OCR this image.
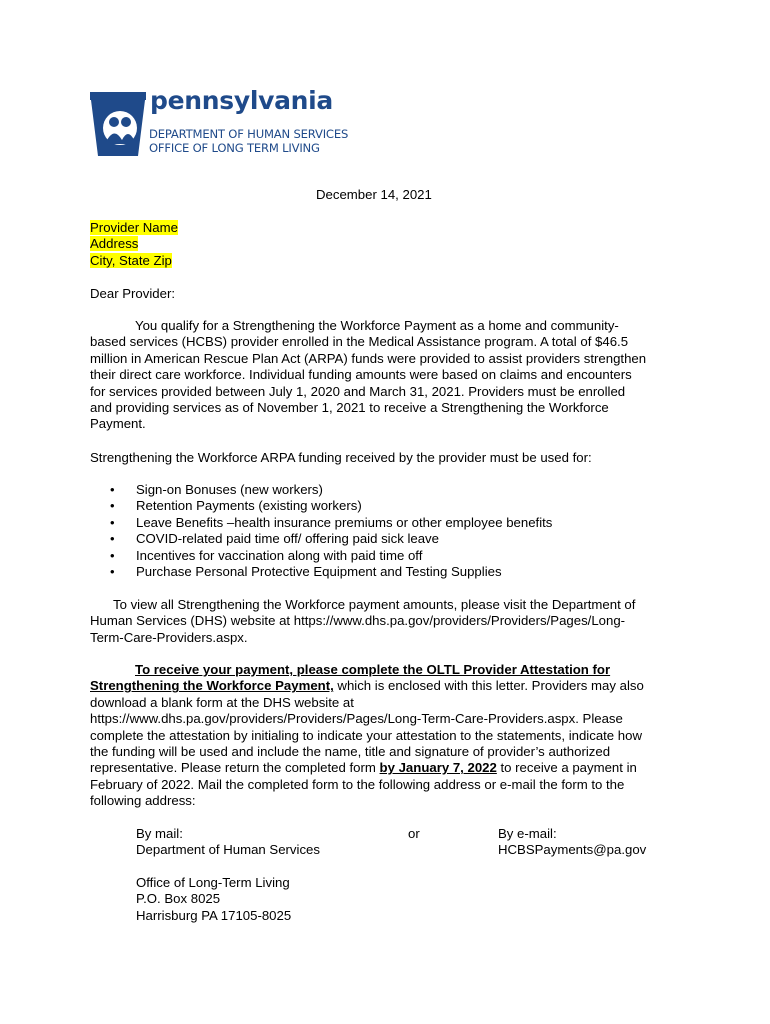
pennsylvania
DEPARTMENT OF HUMAN SERVICES
OFFICE OF LONG TERM LIVING
December 14, 2021
Provider Name
Address
City, State Zip
Dear Provider:
You qualify for a Strengthening the Workforce Payment as a home and community-
based services (HCBS) provider enrolled in the Medical Assistance program. A total of $46.5
million in American Rescue Plan Act (ARPA) funds were provided to assist providers strengthen
their direct care workforce. Individual funding amounts were based on claims and encounters
for services provided between July 1, 2020 and March 31, 2021. Providers must be enrolled
and providing services as of November 1, 2021 to receive a Strengthening the Workforce
Payment.
Strengthening the Workforce ARPA funding received by the provider must be used for:
• Sign-on Bonuses (new workers)
• Retention Payments (existing workers)
• Leave Benefits –health insurance premiums or other employee benefits
• COVID-related paid time off/ offering paid sick leave
• Incentives for vaccination along with paid time off
• Purchase Personal Protective Equipment and Testing Supplies
To view all Strengthening the Workforce payment amounts, please visit the Department of
Human Services (DHS) website at https://www.dhs.pa.gov/providers/Providers/Pages/Long-
Term-Care-Providers.aspx.
To receive your payment, please complete the OLTL Provider Attestation for
Strengthening the Workforce Payment, which is enclosed with this letter. Providers may also
download a blank form at the DHS website at
https://www.dhs.pa.gov/providers/Providers/Pages/Long-Term-Care-Providers.aspx. Please
complete the attestation by initialing to indicate your attestation to the statements, indicate how
the funding will be used and include the name, title and signature of provider’s authorized
representative. Please return the completed form by January 7, 2022 to receive a payment in
February of 2022. Mail the completed form to the following address or e-mail the form to the
following address:
By mail:
Department of Human Services
or	By e-mail:
HCBSPayments@pa.gov
Office of Long-Term Living
P.O. Box 8025
Harrisburg PA 17105-8025
